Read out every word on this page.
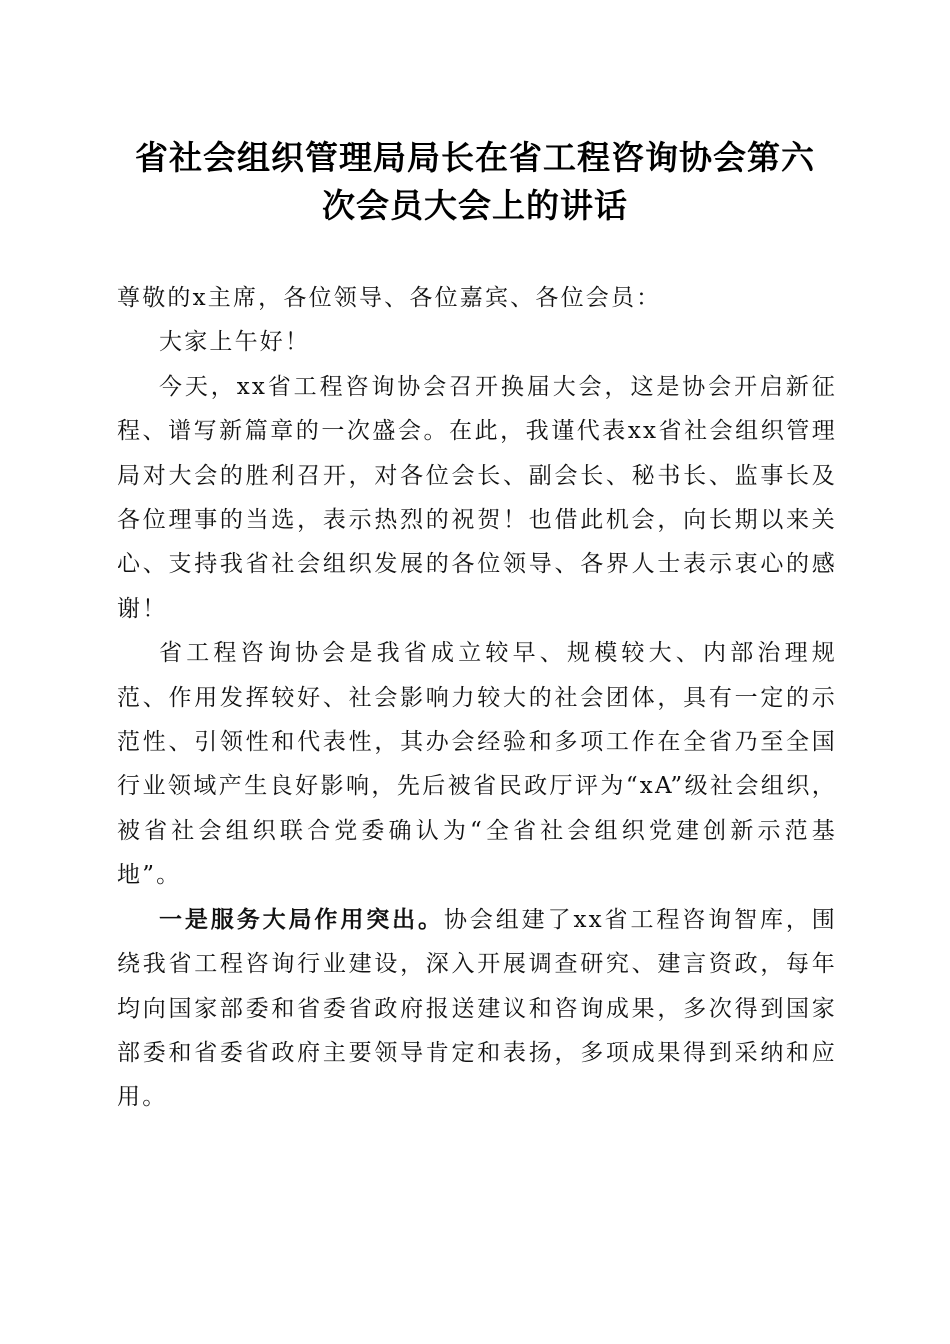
省社会组织管理局局长在省工程咨询协会第六
次会员大会上的讲话

尊敬的x主席，各位领导、各位嘉宾、各位会员：

大家上午好！

今天，xx省工程咨询协会召开换届大会，这是协会开启新征程、谱写新篇章的一次盛会。在此，我谨代表xx省社会组织管理局对大会的胜利召开，对各位会长、副会长、秘书长、监事长及各位理事的当选，表示热烈的祝贺！也借此机会，向长期以来关心、支持我省社会组织发展的各位领导、各界人士表示衷心的感谢！

省工程咨询协会是我省成立较早、规模较大、内部治理规范、作用发挥较好、社会影响力较大的社会团体，具有一定的示范性、引领性和代表性，其办会经验和多项工作在全省乃至全国行业领域产生良好影响，先后被省民政厅评为“xA”级社会组织，被省社会组织联合党委确认为“全省社会组织党建创新示范基地”。

一是服务大局作用突出。协会组建了xx省工程咨询智库，围绕我省工程咨询行业建设，深入开展调查研究、建言资政，每年均向国家部委和省委省政府报送建议和咨询成果，多次得到国家部委和省委省政府主要领导肯定和表扬，多项成果得到采纳和应用。
